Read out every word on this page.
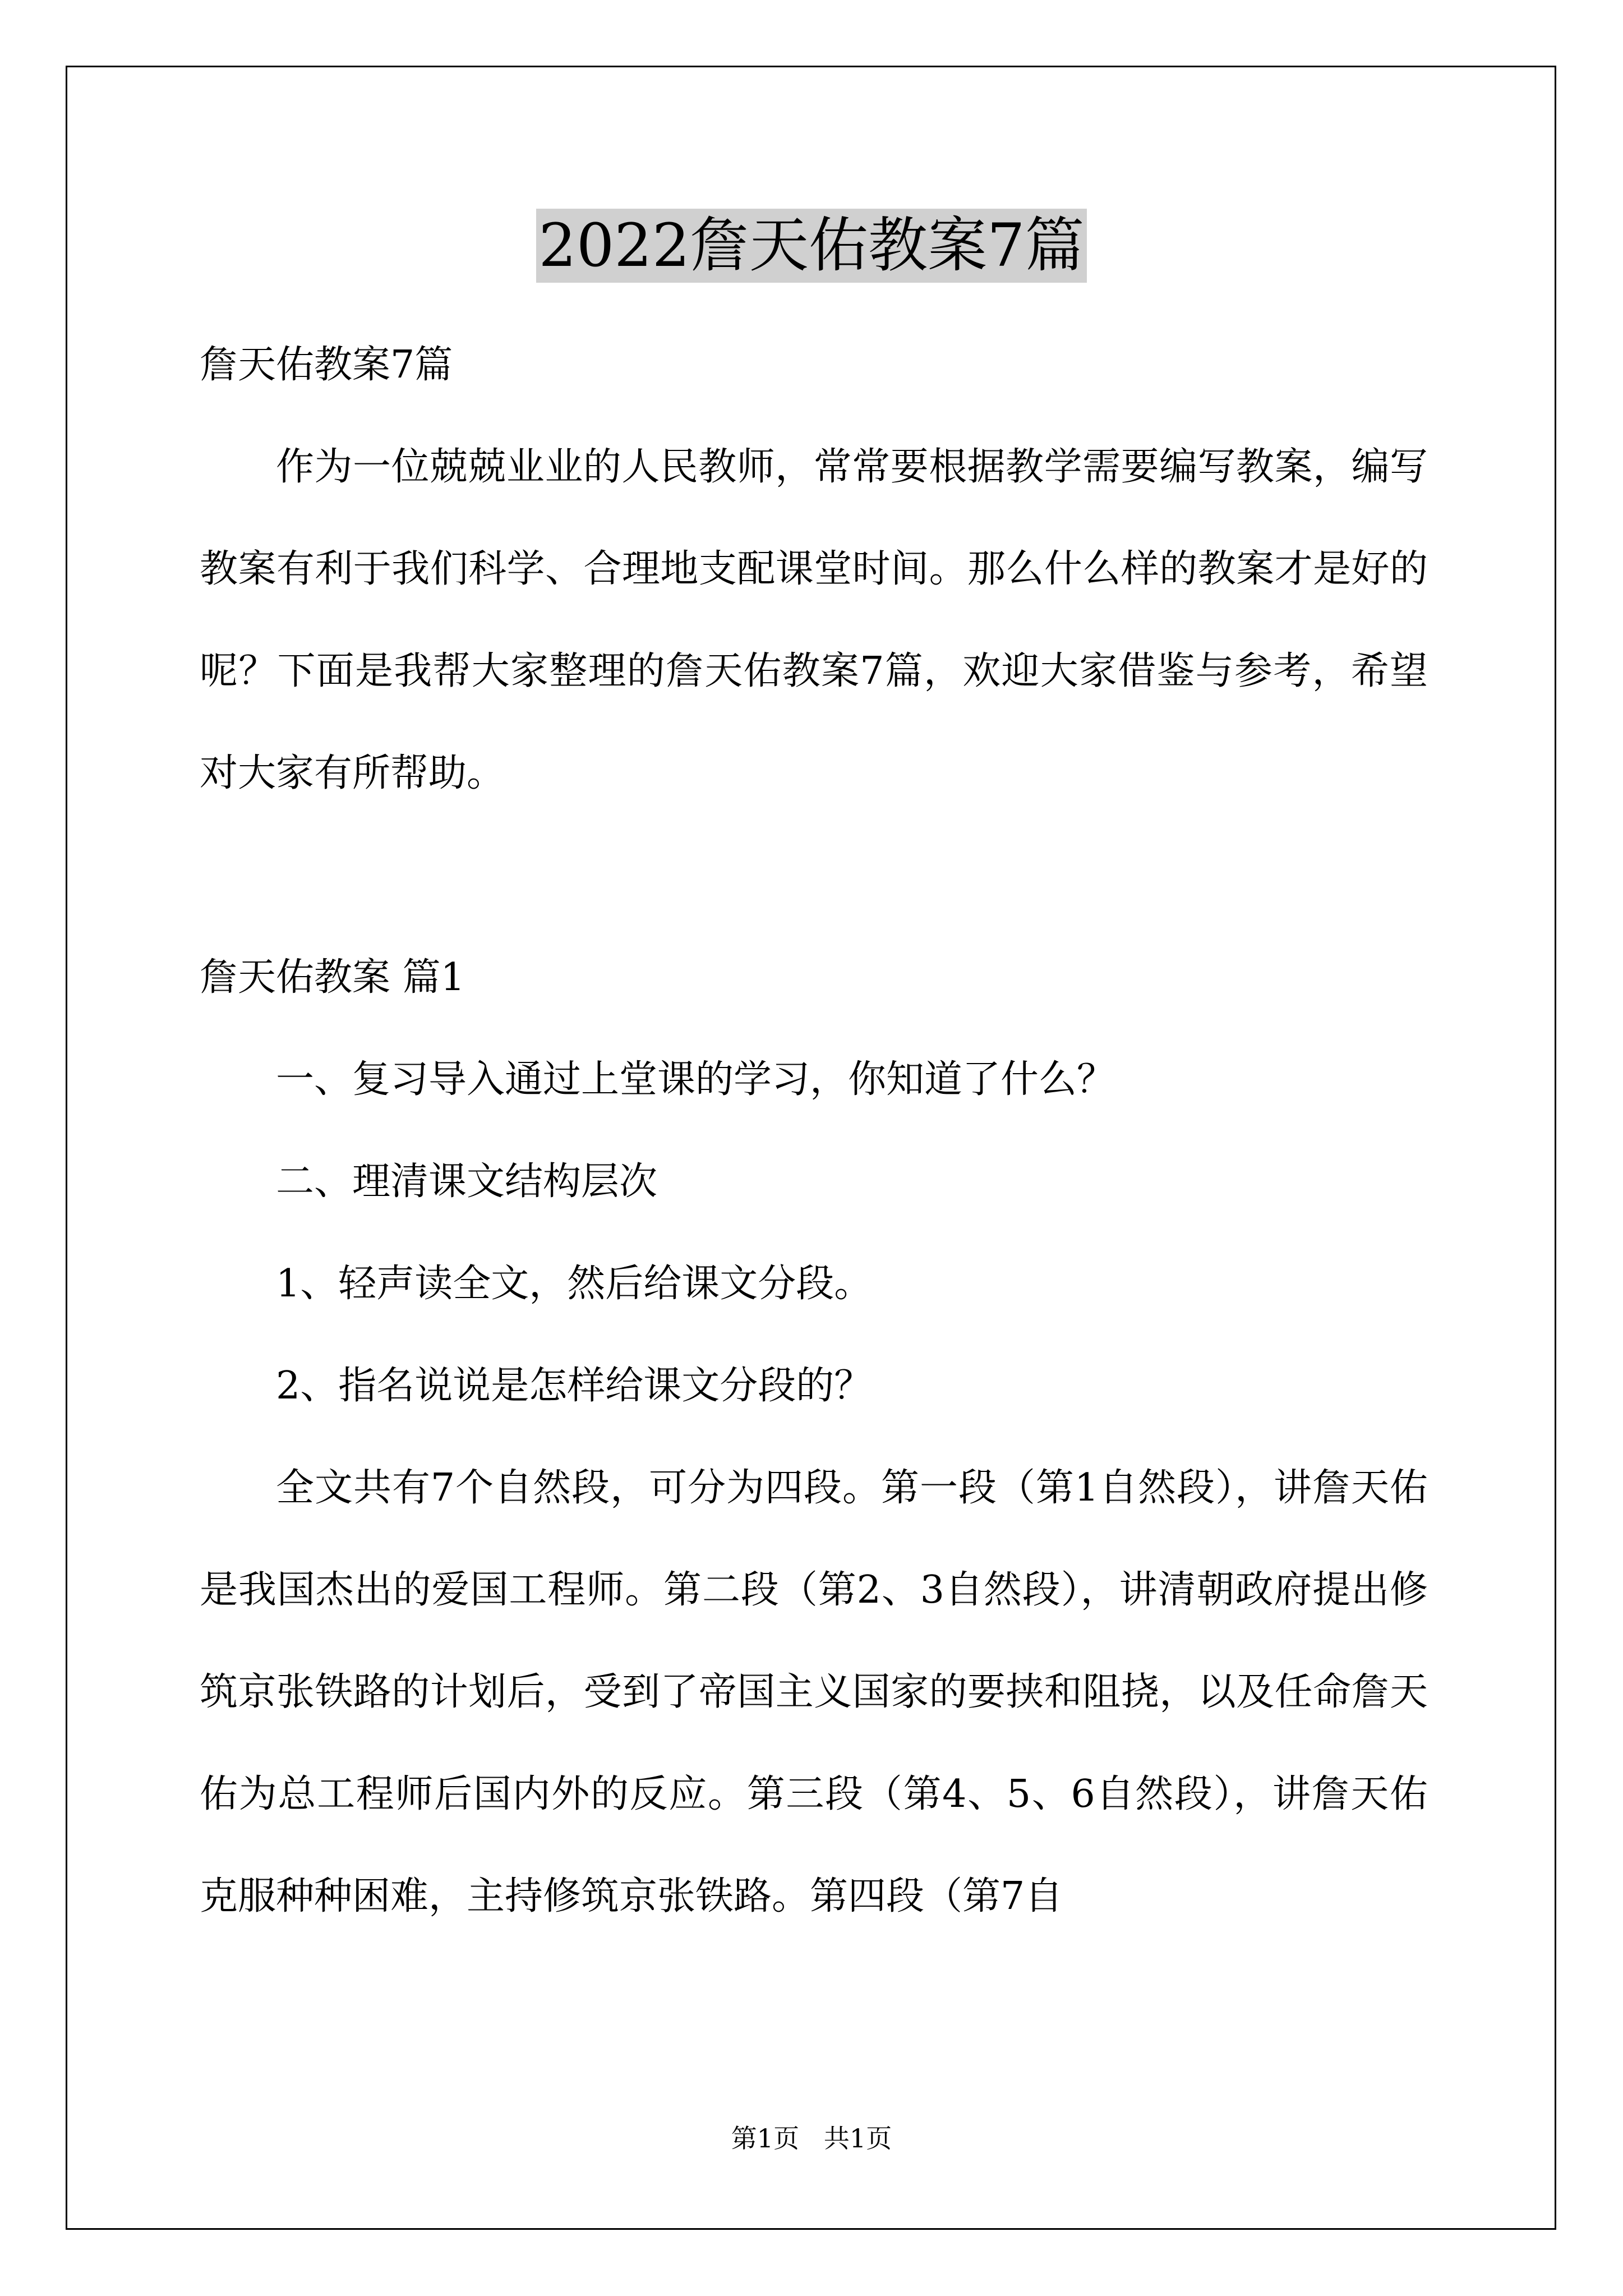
2022詹天佑教案7篇

詹天佑教案7篇

作为一位兢兢业业的人民教师，常常要根据教学需要编写教案，编写教案有利于我们科学、合理地支配课堂时间。那么什么样的教案才是好的呢？下面是我帮大家整理的詹天佑教案7篇，欢迎大家借鉴与参考，希望对大家有所帮助。

詹天佑教案 篇1

一、复习导入通过上堂课的学习，你知道了什么？

二、理清课文结构层次

1、轻声读全文，然后给课文分段。

2、指名说说是怎样给课文分段的？

全文共有7个自然段，可分为四段。第一段（第1自然段），讲詹天佑是我国杰出的爱国工程师。第二段（第2、3自然段），讲清朝政府提出修筑京张铁路的计划后，受到了帝国主义国家的要挟和阻挠，以及任命詹天佑为总工程师后国内外的反应。第三段（第4、5、6自然段），讲詹天佑克服种种困难，主持修筑京张铁路。第四段（第7自

第1页   共1页
